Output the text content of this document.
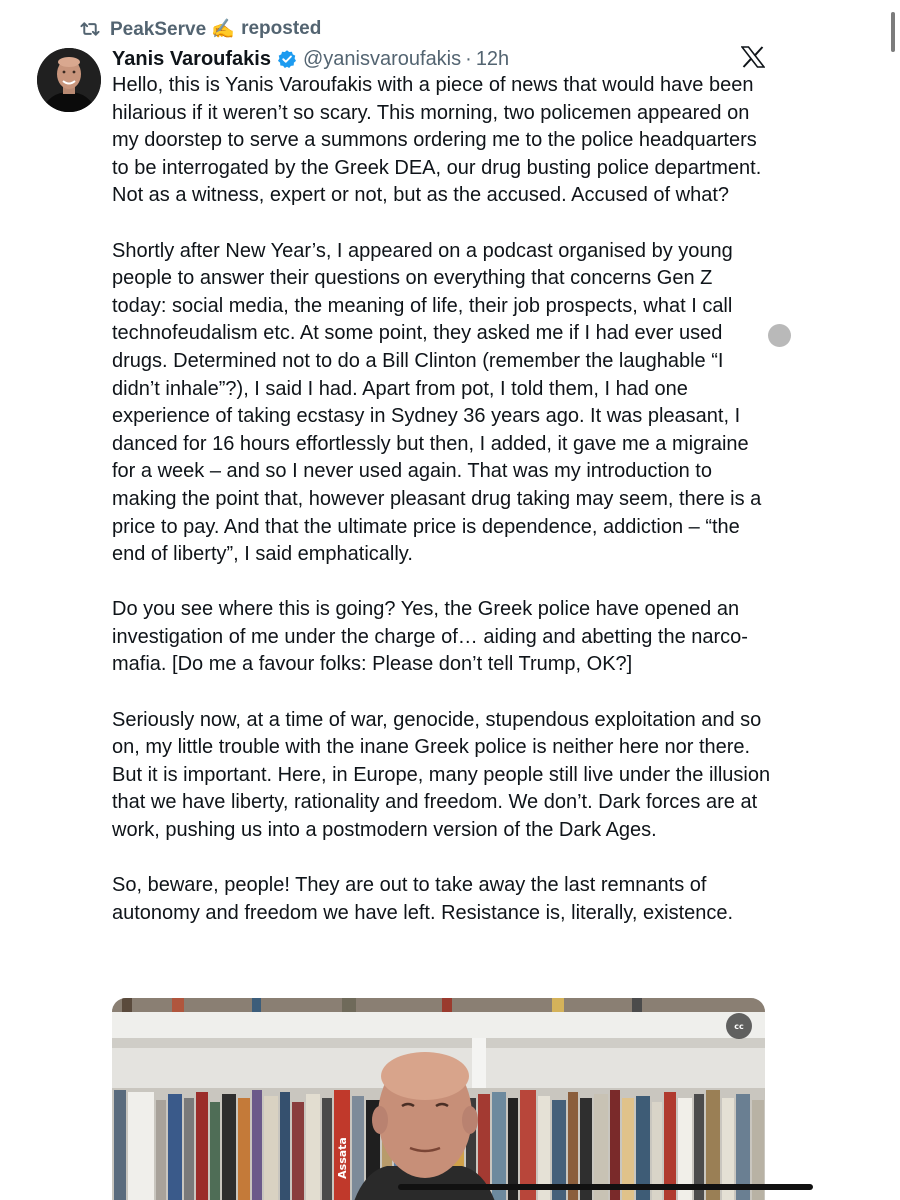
PeakServe ✍️ reposted
Yanis Varoufakis @yanisvaroufakis · 12h

Hello, this is Yanis Varoufakis with a piece of news that would have been hilarious if it weren’t so scary. This morning, two policemen appeared on my doorstep to serve a summons ordering me to the police headquarters to be interrogated by the Greek DEA, our drug busting police department. Not as a witness, expert or not, but as the accused. Accused of what?

Shortly after New Year’s, I appeared on a podcast organised by young people to answer their questions on everything that concerns Gen Z today: social media, the meaning of life, their job prospects, what I call technofeudalism etc. At some point, they asked me if I had ever used drugs. Determined not to do a Bill Clinton (remember the laughable “I didn’t inhale”?), I said I had. Apart from pot, I told them, I had one experience of taking ecstasy in Sydney 36 years ago. It was pleasant, I danced for 16 hours effortlessly but then, I added, it gave me a migraine for a week – and so I never used again. That was my introduction to making the point that, however pleasant drug taking may seem, there is a price to pay. And that the ultimate price is dependence, addiction – “the end of liberty”, I said emphatically.

Do you see where this is going? Yes, the Greek police have opened an investigation of me under the charge of… aiding and abetting the narco-mafia. [Do me a favour folks: Please don’t tell Trump, OK?]

Seriously now, at a time of war, genocide, stupendous exploitation and so on, my little trouble with the inane Greek police is neither here nor there. But it is important. Here, in Europe, many people still live under the illusion that we have liberty, rationality and freedom. We don’t. Dark forces are at work, pushing us into a postmodern version of the Dark Ages.

So, beware, people! They are out to take away the last remnants of autonomy and freedom we have left. Resistance is, literally, existence.

Assata
cc
